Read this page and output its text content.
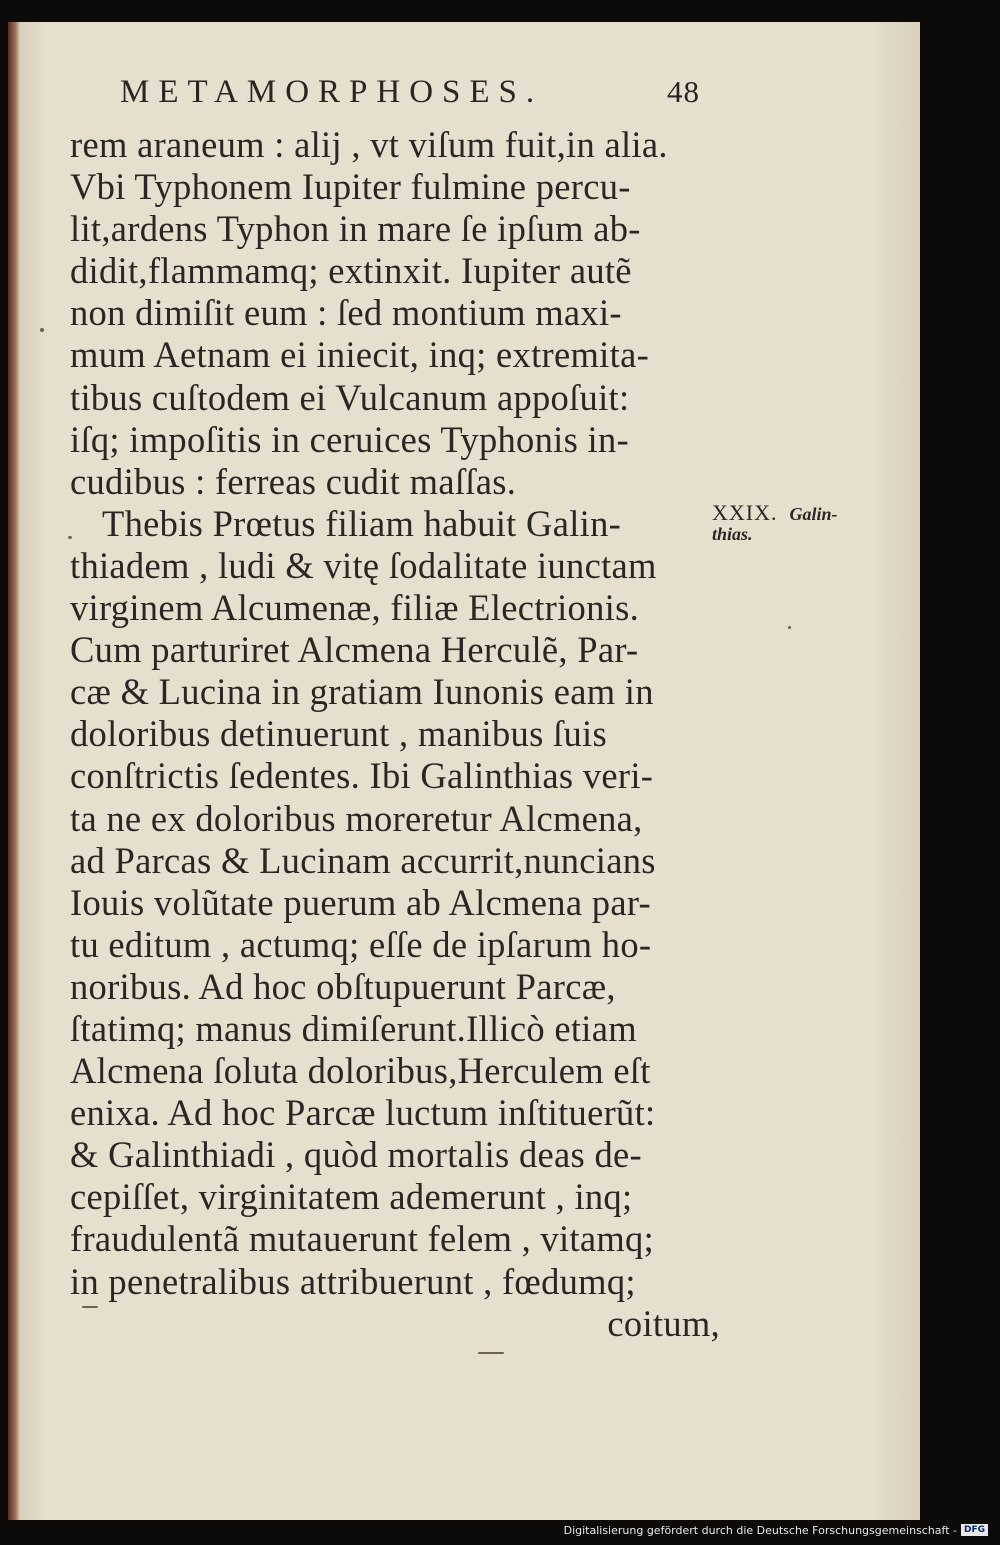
METAMORPHOSES.	48
rem araneum : alij , vt viſum fuit,in alia.
Vbi Typhonem Iupiter fulmine percu-
lit,ardens Typhon in mare ſe ipſum ab-
didit,flammamq; extinxit. Iupiter autẽ
non dimiſit eum : ſed montium maxi-
mum Aetnam ei iniecit, inq; extremita-
tibus cuſtodem ei Vulcanum appoſuit:
iſq; impoſitis in ceruices Typhonis in-
cudibus : ferreas cudit maſſas.
Thebis Prœtus filiam habuit Galin-
thiadem , ludi & vitę ſodalitate iunctam
virginem Alcumenæ, filiæ Electrionis.
Cum parturiret Alcmena Herculẽ, Par-
cæ & Lucina in gratiam Iunonis eam in
doloribus detinuerunt , manibus ſuis
conſtrictis ſedentes. Ibi Galinthias veri-
ta ne ex doloribus moreretur Alcmena,
ad Parcas & Lucinam accurrit,nuncians
Iouis volũtate puerum ab Alcmena par-
tu editum , actumq; eſſe de ipſarum ho-
noribus. Ad hoc obſtupuerunt Parcæ,
ſtatimq; manus dimiſerunt.Illicò etiam
Alcmena ſoluta doloribus,Herculem eſt
enixa. Ad hoc Parcæ luctum inſtituerũt:
& Galinthiadi , quòd mortalis deas de-
cepiſſet, virginitatem ademerunt , inq;
fraudulentã mutauerunt felem , vitamq;
in penetralibus attribuerunt , fœdumq;
coitum,
XXIX. Galin-
thias.
Digitalisierung gefördert durch die Deutsche Forschungsgemeinschaft - DFG
